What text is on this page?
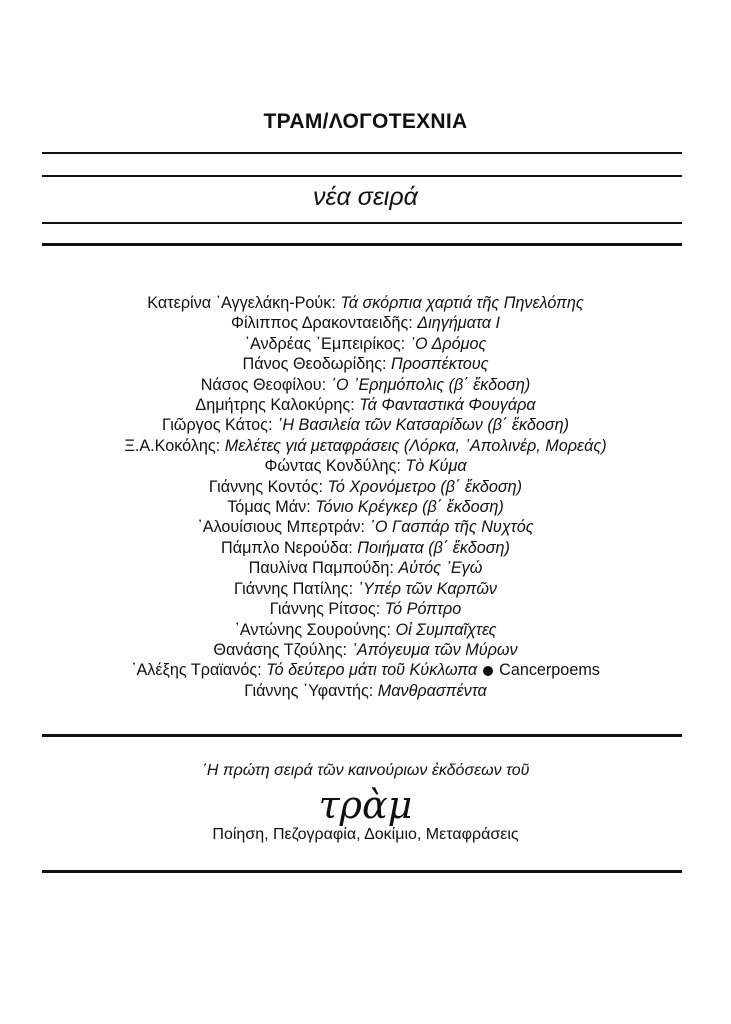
ΤΡΑΜ/ΛΟΓΟΤΕΧΝΙΑ
νέα σειρά
Κατερίνα ᾿Αγγελάκη-Ρούκ: Τά σκόρπια χαρτιά τῆς Πηνελόπης
Φίλιππος Δρακονταειδῆς: Διηγήματα Ι
᾿Ανδρέας ᾿Εμπειρίκος: ᾿Ο Δρόμος
Πάνος Θεοδωρίδης: Προσπέκτους
Νάσος Θεοφίλου: ῾Ο ᾿Ερημόπολις (β΄ ἔκδοση)
Δημήτρης Καλοκύρης: Τά Φανταστικά Φουγάρα
Γιῶργος Κάτος: ῾Η Βασιλεία τῶν Κατσαρίδων (β΄ ἔκδοση)
Ξ.Α.Κοκόλης: Μελέτες γιά μεταφράσεις (Λόρκα, ᾿Απολινέρ, Μορεάς)
Φώντας Κονδύλης: Τὸ Κύμα
Γιάννης Κοντός: Τό Χρονόμετρο (β΄ ἔκδοση)
Τόμας Μάν: Τόνιο Κρέγκερ (β΄ ἔκδοση)
᾿Αλουίσιους Μπερτράν: ῾Ο Γασπάρ τῆς Νυχτός
Πάμπλο Νερούδα: Ποιήματα (β΄ ἔκδοση)
Παυλίνα Παμπούδη: Αὐτός ᾿Εγώ
Γιάννης Πατίλης: ῾Υπέρ τῶν Καρπῶν
Γιάννης Ρίτσος: Τό Ρόπτρο
᾿Αντώνης Σουρούνης: Οἱ Συμπαῖχτες
Θανάσης Τζούλης: ᾿Απόγευμα τῶν Μύρων
᾿Αλέξης Τραϊανός: Τό δεύτερο μάτι τοῦ Κύκλωπα Cancerpoems
Γιάννης ῾Υφαντής: Μανθρασπέντα
῾Η πρώτη σειρά τῶν καινούριων ἐκδόσεων τοῦ
τρὰμ
Ποίηση, Πεζογραφία, Δοκίμιο, Μεταφράσεις
